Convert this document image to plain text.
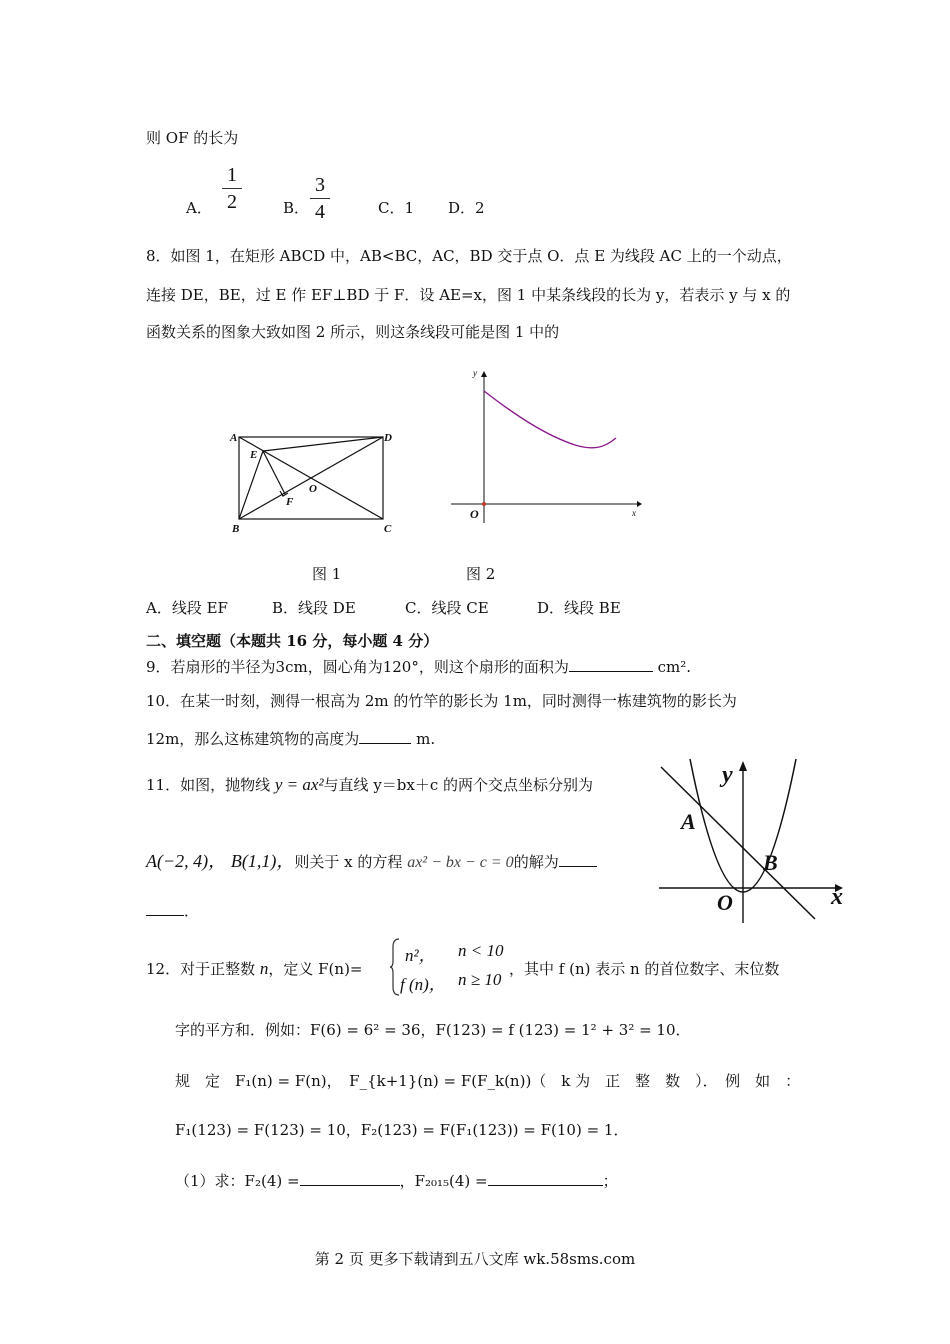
则 OF 的长为
A．
1
2	B．
3
4	C．1 D．2
8．如图 1，在矩形 ABCD 中，AB<BC，AC，BD 交于点 O．点 E 为线段 AC 上的一个动点，
连接 DE，BE，过 E 作 EF⊥BD 于 F．设 AE=x，图 1 中某条线段的长为 y，若表示 y 与 x 的
函数关系的图象大致如图 2 所示，则这条线段可能是图 1 中的
A	D
B	C
E
F
O
y
x
O
图 1	图 2
A．线段 EF	B．线段 DE	C．线段 CE	D．线段 BE
二、填空题（本题共 16 分，每小题 4 分）
9．若扇形的半径为3cm，圆心角为120°，则这个扇形的面积为	cm².
10．在某一时刻，测得一根高为 2m 的竹竿的影长为 1m，同时测得一栋建筑物的影长为
12m，那么这栋建筑物的高度为	m.
11．如图，抛物线 y = ax²与直线 y＝bx＋c 的两个交点坐标分别为
A(−2, 4)， B(1,1)，则关于 x 的方程 ax² − bx − c = 0的解为
．
y
x
A
B
O
12．对于正整数 n，定义 F(n)=
n²， n < 10
f (n)， n ≥ 10
，其中 f (n) 表示 n 的首位数字、末位数
字的平方和．例如：F(6) = 6² = 36，F(123) = f (123) = 1² + 3² = 10．
规　定　F₁(n) = F(n)，　F_{k+1}(n) = F(F_k(n))（　k 为　正　整　数　）．　例　如　：
F₁(123) = F(123) = 10，F₂(123) = F(F₁(123)) = F(10) = 1．
（1）求：F₂(4) =	，F₂₀₁₅(4) =	；
第 2 页 更多下载请到五八文库 wk.58sms.com
